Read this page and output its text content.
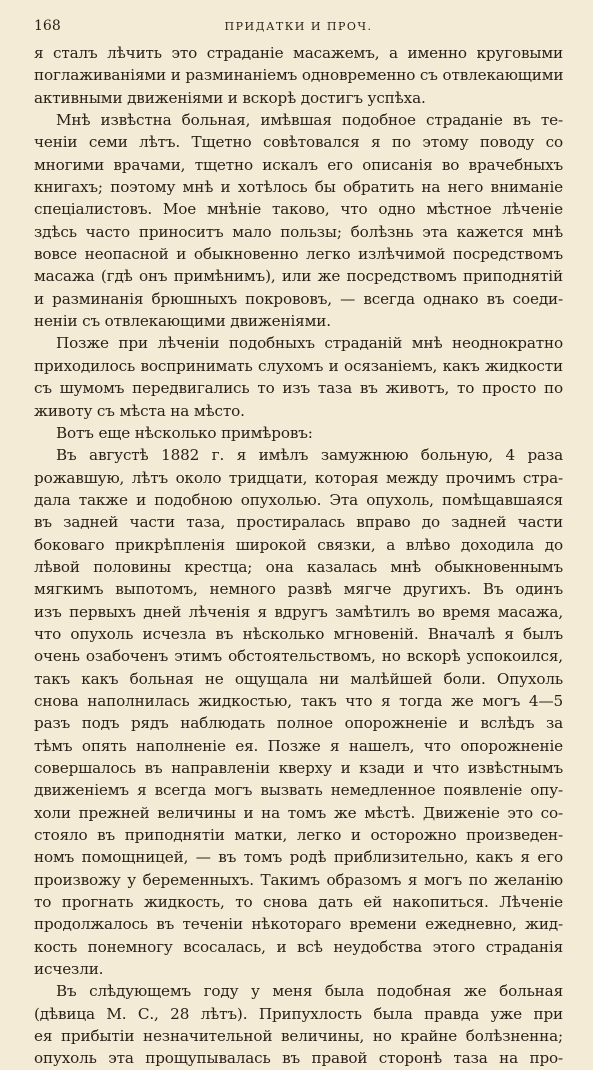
168	ПРИДАТКИ И ПРОЧ.
я сталъ лѣчить это страданіе масажемъ, а именно круговыми
поглаживаніями и разминаніемъ одновременно съ отвлекающими
активными движеніями и вскорѣ достигъ успѣха.
Мнѣ извѣстна больная, имѣвшая подобное страданіе въ те-
ченіи семи лѣтъ. Тщетно совѣтовался я по этому поводу со
многими врачами, тщетно искалъ его описанія во врачебныхъ
книгахъ; поэтому мнѣ и хотѣлось бы обратить на него вниманіе
спеціалистовъ. Мое мнѣніе таково, что одно мѣстное лѣченіе
здѣсь часто приноситъ мало пользы; болѣзнь эта кажется мнѣ
вовсе неопасной и обыкновенно легко излѣчимой посредствомъ
масажа (гдѣ онъ примѣнимъ), или же посредствомъ приподнятій
и разминанія брюшныхъ покрововъ, — всегда однако въ соеди-
неніи съ отвлекающими движеніями.
Позже при лѣченіи подобныхъ страданій мнѣ неоднократно
приходилось воспринимать слухомъ и осязаніемъ, какъ жидкости
съ шумомъ передвигались то изъ таза въ животъ, то просто по
животу съ мѣста на мѣсто.
Вотъ еще нѣсколько примѣровъ:
Въ августѣ 1882 г. я имѣлъ замужнюю больную, 4 раза
рожавшую, лѣтъ около тридцати, которая между прочимъ стра-
дала также и подобною опухолью. Эта опухоль, помѣщавшаяся
въ задней части таза, простиралась вправо до задней части
боковаго прикрѣпленія широкой связки, а влѣво доходила до
лѣвой половины крестца; она казалась мнѣ обыкновеннымъ
мягкимъ выпотомъ, немного развѣ мягче другихъ. Въ одинъ
изъ первыхъ дней лѣченія я вдругъ замѣтилъ во время масажа,
что опухоль исчезла въ нѣсколько мгновеній. Вначалѣ я былъ
очень озабоченъ этимъ обстоятельствомъ, но вскорѣ успокоился,
такъ какъ больная не ощущала ни малѣйшей боли. Опухоль
снова наполнилась жидкостью, такъ что я тогда же могъ 4—5
разъ подъ рядъ наблюдать полное опорожненіе и вслѣдъ за
тѣмъ опять наполненіе ея. Позже я нашелъ, что опорожненіе
совершалось въ направленіи кверху и кзади и что извѣстнымъ
движеніемъ я всегда могъ вызвать немедленное появленіе опу-
холи прежней величины и на томъ же мѣстѣ. Движеніе это со-
стояло въ приподнятіи матки, легко и осторожно произведен-
номъ помощницей, — въ томъ родѣ приблизительно, какъ я его
произвожу у беременныхъ. Такимъ образомъ я могъ по желанію
то прогнать жидкость, то снова дать ей накопиться. Лѣченіе
продолжалось въ теченіи нѣкотораго времени ежедневно, жид-
кость понемногу всосалась, и всѣ неудобства этого страданія
исчезли.
Въ слѣдующемъ году у меня была подобная же больная
(дѣвица М. С., 28 лѣтъ). Припухлость была правда уже при
ея прибытіи незначительной величины, но крайне болѣзненна;
опухоль эта прощупывалась въ правой сторонѣ таза на про-
